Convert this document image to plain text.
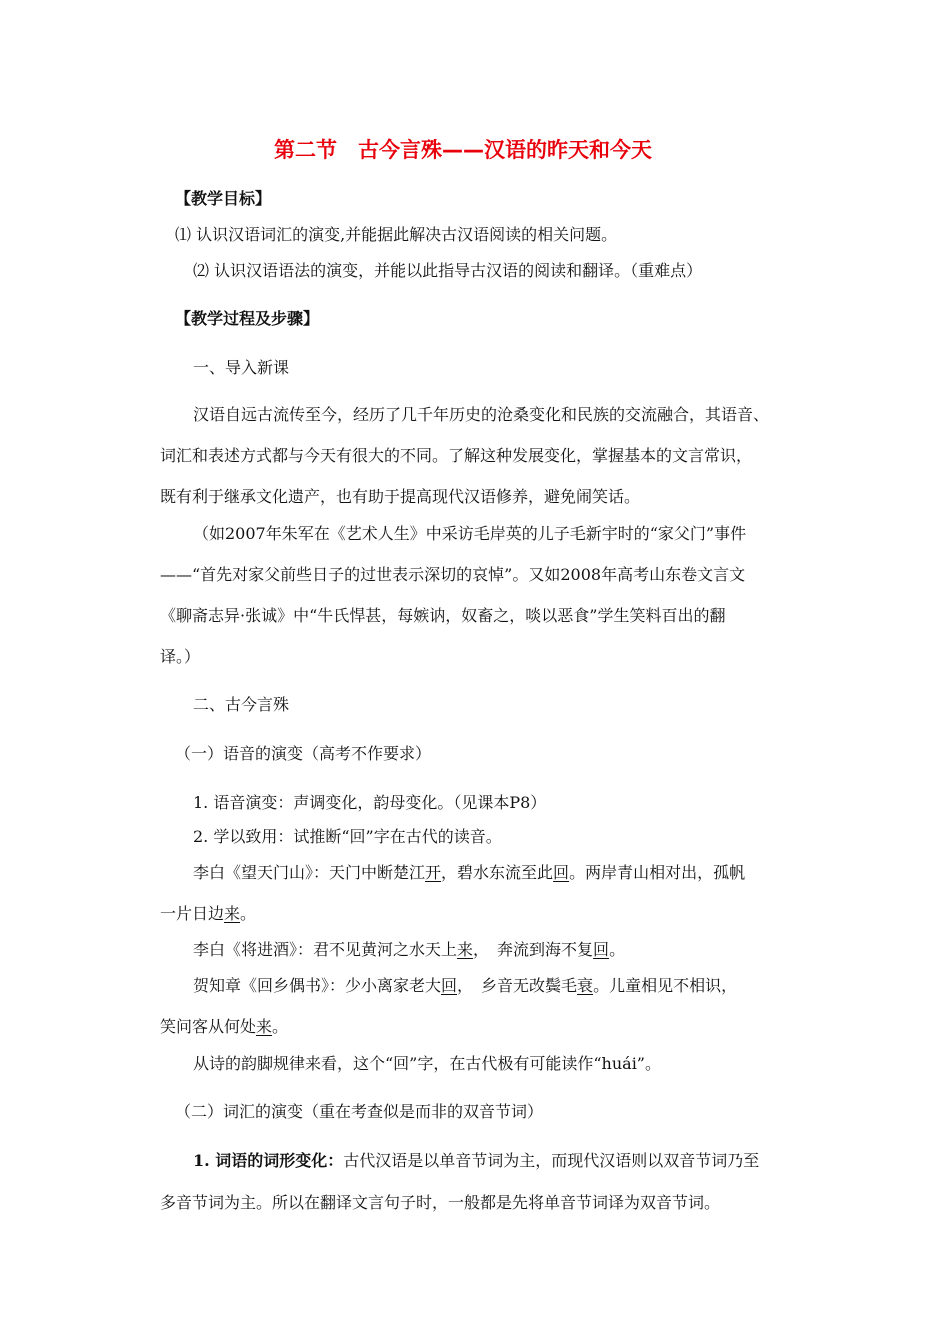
第二节　古今言殊——汉语的昨天和今天
【教学目标】
⑴ 认识汉语词汇的演变,并能据此解决古汉语阅读的相关问题。
⑵ 认识汉语语法的演变，并能以此指导古汉语的阅读和翻译。（重难点）
【教学过程及步骤】
一、导入新课
汉语自远古流传至今，经历了几千年历史的沧桑变化和民族的交流融合，其语音、
词汇和表述方式都与今天有很大的不同。了解这种发展变化，掌握基本的文言常识，
既有利于继承文化遗产，也有助于提高现代汉语修养，避免闹笑话。
（如2007年朱军在《艺术人生》中采访毛岸英的儿子毛新宇时的“家父门”事件
——“首先对家父前些日子的过世表示深切的哀悼”。又如2008年高考山东卷文言文
《聊斋志异·张诚》中“牛氏悍甚，每嫉讷，奴畜之，啖以恶食”学生笑料百出的翻
译。）
二、古今言殊
（一）语音的演变（高考不作要求）
1. 语音演变：声调变化，韵母变化。（见课本P8）
2. 学以致用：试推断“回”字在古代的读音。
李白《望天门山》：天门中断楚江开，碧水东流至此回。两岸青山相对出，孤帆
一片日边来。
李白《将进酒》：君不见黄河之水天上来，　奔流到海不复回。
贺知章《回乡偶书》：少小离家老大回，　乡音无改鬓毛衰。儿童相见不相识，
笑问客从何处来。
从诗的韵脚规律来看，这个“回”字，在古代极有可能读作“huái”。
（二）词汇的演变（重在考查似是而非的双音节词）
1. 词语的词形变化：古代汉语是以单音节词为主，而现代汉语则以双音节词乃至
多音节词为主。所以在翻译文言句子时，一般都是先将单音节词译为双音节词。
